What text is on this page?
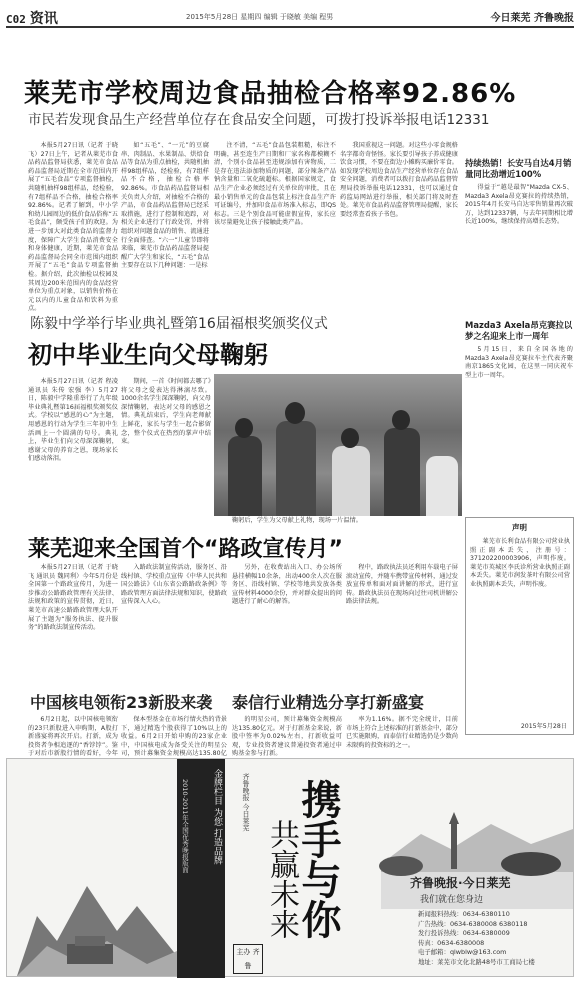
C02 资讯	2015年5月28日 星期四 编辑 于晓敏 美编 程男	今日莱芜 齐鲁晚报
莱芜市学校周边食品抽检合格率92.86%
市民若发现食品生产经营单位存在食品安全问题，可拨打投诉举报电话12331

本报5月27日讯（记者 于晓飞）27日上午，记者从莱芜市食品药品监督局获悉，莱芜市食品药品监督局近期在全市范围内开展了“五毛食品”专项监督抽检，共随机抽样98组样品，经检验，有7组样品不合格，抽检合格率92.86%。记者了解到，中小学和幼儿园周边的低价食品俗称“五毛食品”，颇受孩子们的欢迎。为进一步加大对此类食品的监督力度，保障广大学生食品消费安全和身体健康，近期，莱芜市食品药品监督局会同全市范围内组织开展了“五毛”食品专项监督抽检。据介绍，此次抽检以校园及其周边200米范围内的食品经营单位为重点对象，以销售价格在元以内的儿童食品和饮料为重点。

如“五毛”、“一元”的豆腐串、肉制品、水果制品、烘焙食品等食品为重点抽检，共随机抽样98组样品，经检验，有7组样品不合格，抽检合格率92.86%。市食品药品监督局相关负责人介绍，对抽检不合格的产品，市食品药品监督局已经采取措施，进行了控制和追踪，对相关企业进行了行政处罚，并将组织对问题食品的销售、流通进行全面排查。“六一”儿童节即将来临，莱芜市食品药品监督局提醒广大学生和家长，“五毛”食品主要存在以下几种问题：一是标

注不清，“五毛”食品包装粗糙，标注不明确，甚至连生产日期和厂家名称都模糊不清，个别小食品甚至违规添加有害物质，二是存在违法添加物质的问题，部分辣条产品钠含量和二氧化硫超标。根据国家规定，食品生产企业必须经过有关单位的审批，且在最小销售单元的食品包装上标注食品生产许可证编号，并加印食品市场准入标志，即QS标志。三是个别食品可能虚假宣传，家长应该尽量避免让孩子接触此类产品。

我国重视这一问题。对这些小零食规格名字都奇奇怪怪。家长要引导孩子养成健康饮食习惯，不要在街边小摊购买廉价零食。如发现学校周边食品生产经营单位存在食品安全问题，消费者可以拨打食品药品监督管理局投诉举报电话12331，也可以通过食药监局网站进行举报，相关部门将及时查处。莱芜市食品药品监督管理局提醒，家长要经常查看孩子书包。

持续热销！长安马自达4月销量同比劲增近100%

得益于“越是最智”Mazda CX-5、Mazda3 Axela昂克赛拉的持续热销，2015年4月长安马自达零售销量再次破万，达到12337辆，与去年同期相比增长近100%，继续保持高增长态势。

Mazda3 Axela昂克赛拉以梦之名迎来上市一周年

5月15日，来自全国各地的Mazda3 Axela昂克赛拉车主代表齐聚南京1865文化园，在这里一同庆祝车型上市一周年。

陈毅中学举行毕业典礼暨第16届福根奖颁奖仪式
初中毕业生向父母鞠躬

本报5月27日讯（记者 程凌 通讯员 朱传 宏强 李）5月27日，陈毅中学隆重举行了九年级毕业典礼暨第16届福根奖颁奖仪式。学校以“感恩的心”为主题，用感恩的行动为学生三年初中生活画上一个圆满的句号。典礼上，毕业生们向父母深深鞠躬，感谢父母的养育之恩，现场家长们感动落泪。

期间，一首《时间都去哪了》将父母之爱表达得淋漓尽致。1000余名学生深深鞠躬，向父母深情鞠躬，表达对父母的感恩之情。典礼结束后，学生向老师献上鲜花，家长与学生一起合影留念，整个仪式在热烈的掌声中结束。

鞠躬后，学生为父母献上礼物，现场一片温情。
莱芜迎来全国首个“路政宣传月”

本报5月27日讯（记者 于晓飞 通讯员 魏同利）今年5月份是全国第一个路政宣传月，为进一步推动公路路政管理有关法律、法规和政策的宣传贯彻，近日，莱芜市高速公路路政管理大队开展了主题为“服务执法、提升服务”的路政法制宣传活动。

入路政法制宣传活动，服务区、沿线村镇、学校重点宣传《中华人民共和国公路法》《山东省公路路政条例》等路政管理方面法律法规和知识，使路政宣传深入人心。

另外，在收费站出入口、办公场所悬挂横幅10余条，出动400余人次在服务区、沿线村镇、学校等地共发放各类宣传材料4000余份，并对群众提出的问题进行了耐心的解答。

程中，路政执法员还利用车载电子屏滚动宣传，并随车携带宣传材料，通过发放宣传单和面对面讲解的形式，进行宣传。路政执法员在现场向过往司机讲解公路法律法规。

中国核电领衔23新股来袭 泰信行业精选分享打新盛宴

6月2日起，以中国核电领衔的23只新股进入申购期，A股打新盛宴将再次开启。打新，成为投资者争相追逐的“香饽饽”。鉴于对后市新股行情的看好，今年

保本型基金在市场行情火热的背景下，通过精选个股获得了10%以上的收益。6月2日开始申购的23家企业中，中国核电成为备受关注的明星公司，预计募集资金规模高达135.80亿

的明星公司，预计募集资金规模高达135.80亿元。对于打新基金来说，新股中签率为0.02%左右，打新收益可观，专业投资者建议普通投资者通过申购基金参与打新。

率为1.16%。据不完全统计，目前市场上符合上述标准的打新基金中，部分已实施限购，而泰信行业精选仍是少数尚未限购的投资标的之一。

声明

莱芜市长利食品有限公司营业执照正副本丢失，注册号：371202200003906，声明作废。莱芜市英城区李氏诊所营业执照正副本丢失。莱芜市润发茶叶有限公司营业执照副本丢失，声明作废。

2015年5月28日
金牌栏目 为您 打造品牌
2010-2011年全国优秀晚报版面	齐鲁晚报 今日莱芜
共赢未来
携手与你
主办 齐鲁
齐鲁晚报·今日莱芜
我们就在您身边
新闻报料热线：0634-6380110
广告热线：0634-6380008 6380118
发行投诉热线：0634-6380009
传真：0634-6380008
电子邮箱：qlwblw@163.com
地址：莱芜市文化北路48号市工商局七楼
